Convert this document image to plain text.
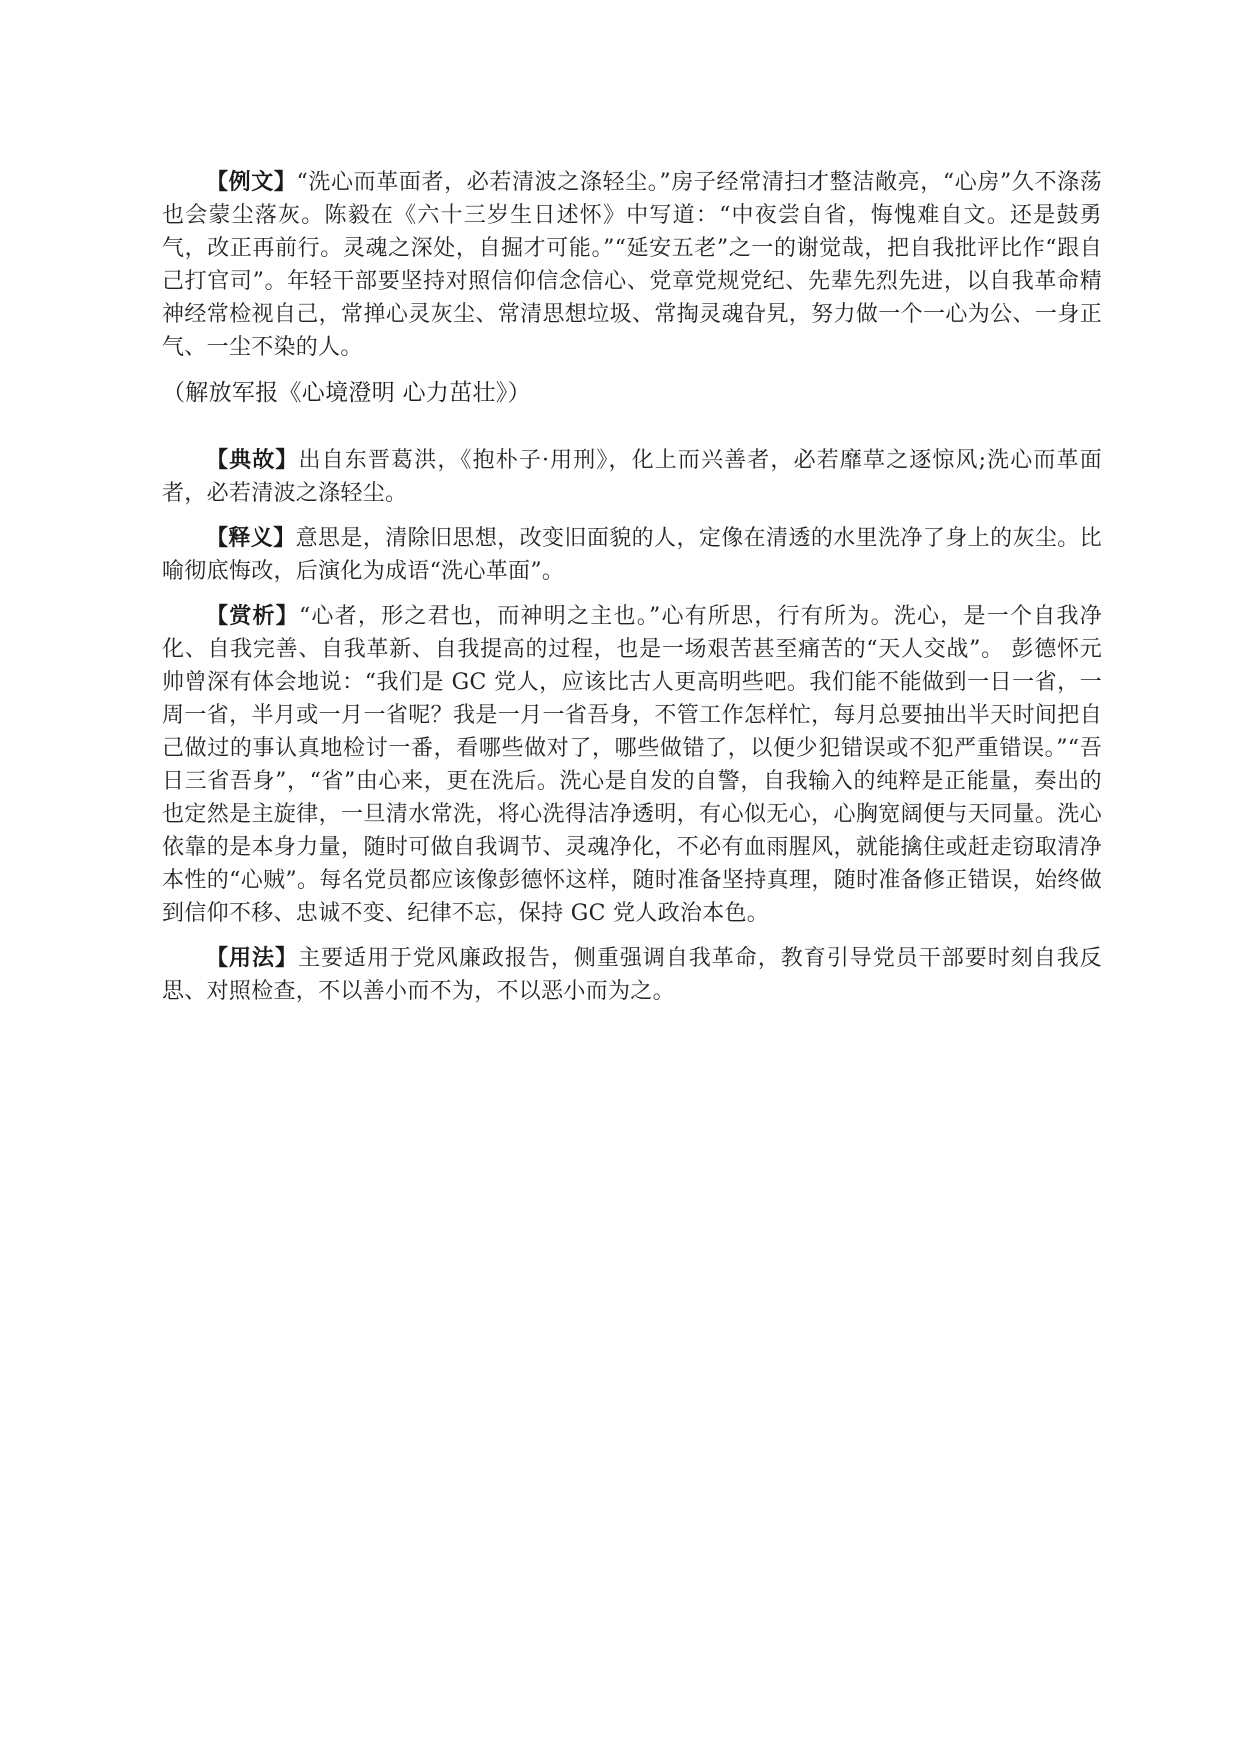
【例文】“洗心而革面者，必若清波之涤轻尘。”房子经常清扫才整洁敞亮，“心房”久不涤荡也会蒙尘落灰。陈毅在《六十三岁生日述怀》中写道：“中夜尝自省，悔愧难自文。还是鼓勇气，改正再前行。灵魂之深处，自掘才可能。”“延安五老”之一的谢觉哉，把自我批评比作“跟自己打官司”。年轻干部要坚持对照信仰信念信心、党章党规党纪、先辈先烈先进，以自我革命精神经常检视自己，常掸心灵灰尘、常清思想垃圾、常掏灵魂旮旯，努力做一个一心为公、一身正气、一尘不染的人。

（解放军报《心境澄明 心力茁壮》）

【典故】出自东晋葛洪，《抱朴子·用刑》，化上而兴善者，必若靡草之逐惊风;洗心而革面者，必若清波之涤轻尘。

【释义】意思是，清除旧思想，改变旧面貌的人，定像在清透的水里洗净了身上的灰尘。比喻彻底悔改，后演化为成语“洗心革面”。

【赏析】“心者，形之君也，而神明之主也。”心有所思，行有所为。洗心，是一个自我净化、自我完善、自我革新、自我提高的过程，也是一场艰苦甚至痛苦的“天人交战”。 彭德怀元帅曾深有体会地说：“我们是 GC 党人，应该比古人更高明些吧。我们能不能做到一日一省，一周一省，半月或一月一省呢？我是一月一省吾身，不管工作怎样忙，每月总要抽出半天时间把自己做过的事认真地检讨一番，看哪些做对了，哪些做错了，以便少犯错误或不犯严重错误。”“吾日三省吾身”，“省”由心来，更在洗后。洗心是自发的自警，自我输入的纯粹是正能量，奏出的也定然是主旋律，一旦清水常洗，将心洗得洁净透明，有心似无心，心胸宽阔便与天同量。洗心依靠的是本身力量，随时可做自我调节、灵魂净化，不必有血雨腥风，就能擒住或赶走窃取清净本性的“心贼”。每名党员都应该像彭德怀这样，随时准备坚持真理，随时准备修正错误，始终做到信仰不移、忠诚不变、纪律不忘，保持 GC 党人政治本色。

【用法】主要适用于党风廉政报告，侧重强调自我革命，教育引导党员干部要时刻自我反思、对照检查，不以善小而不为，不以恶小而为之。
